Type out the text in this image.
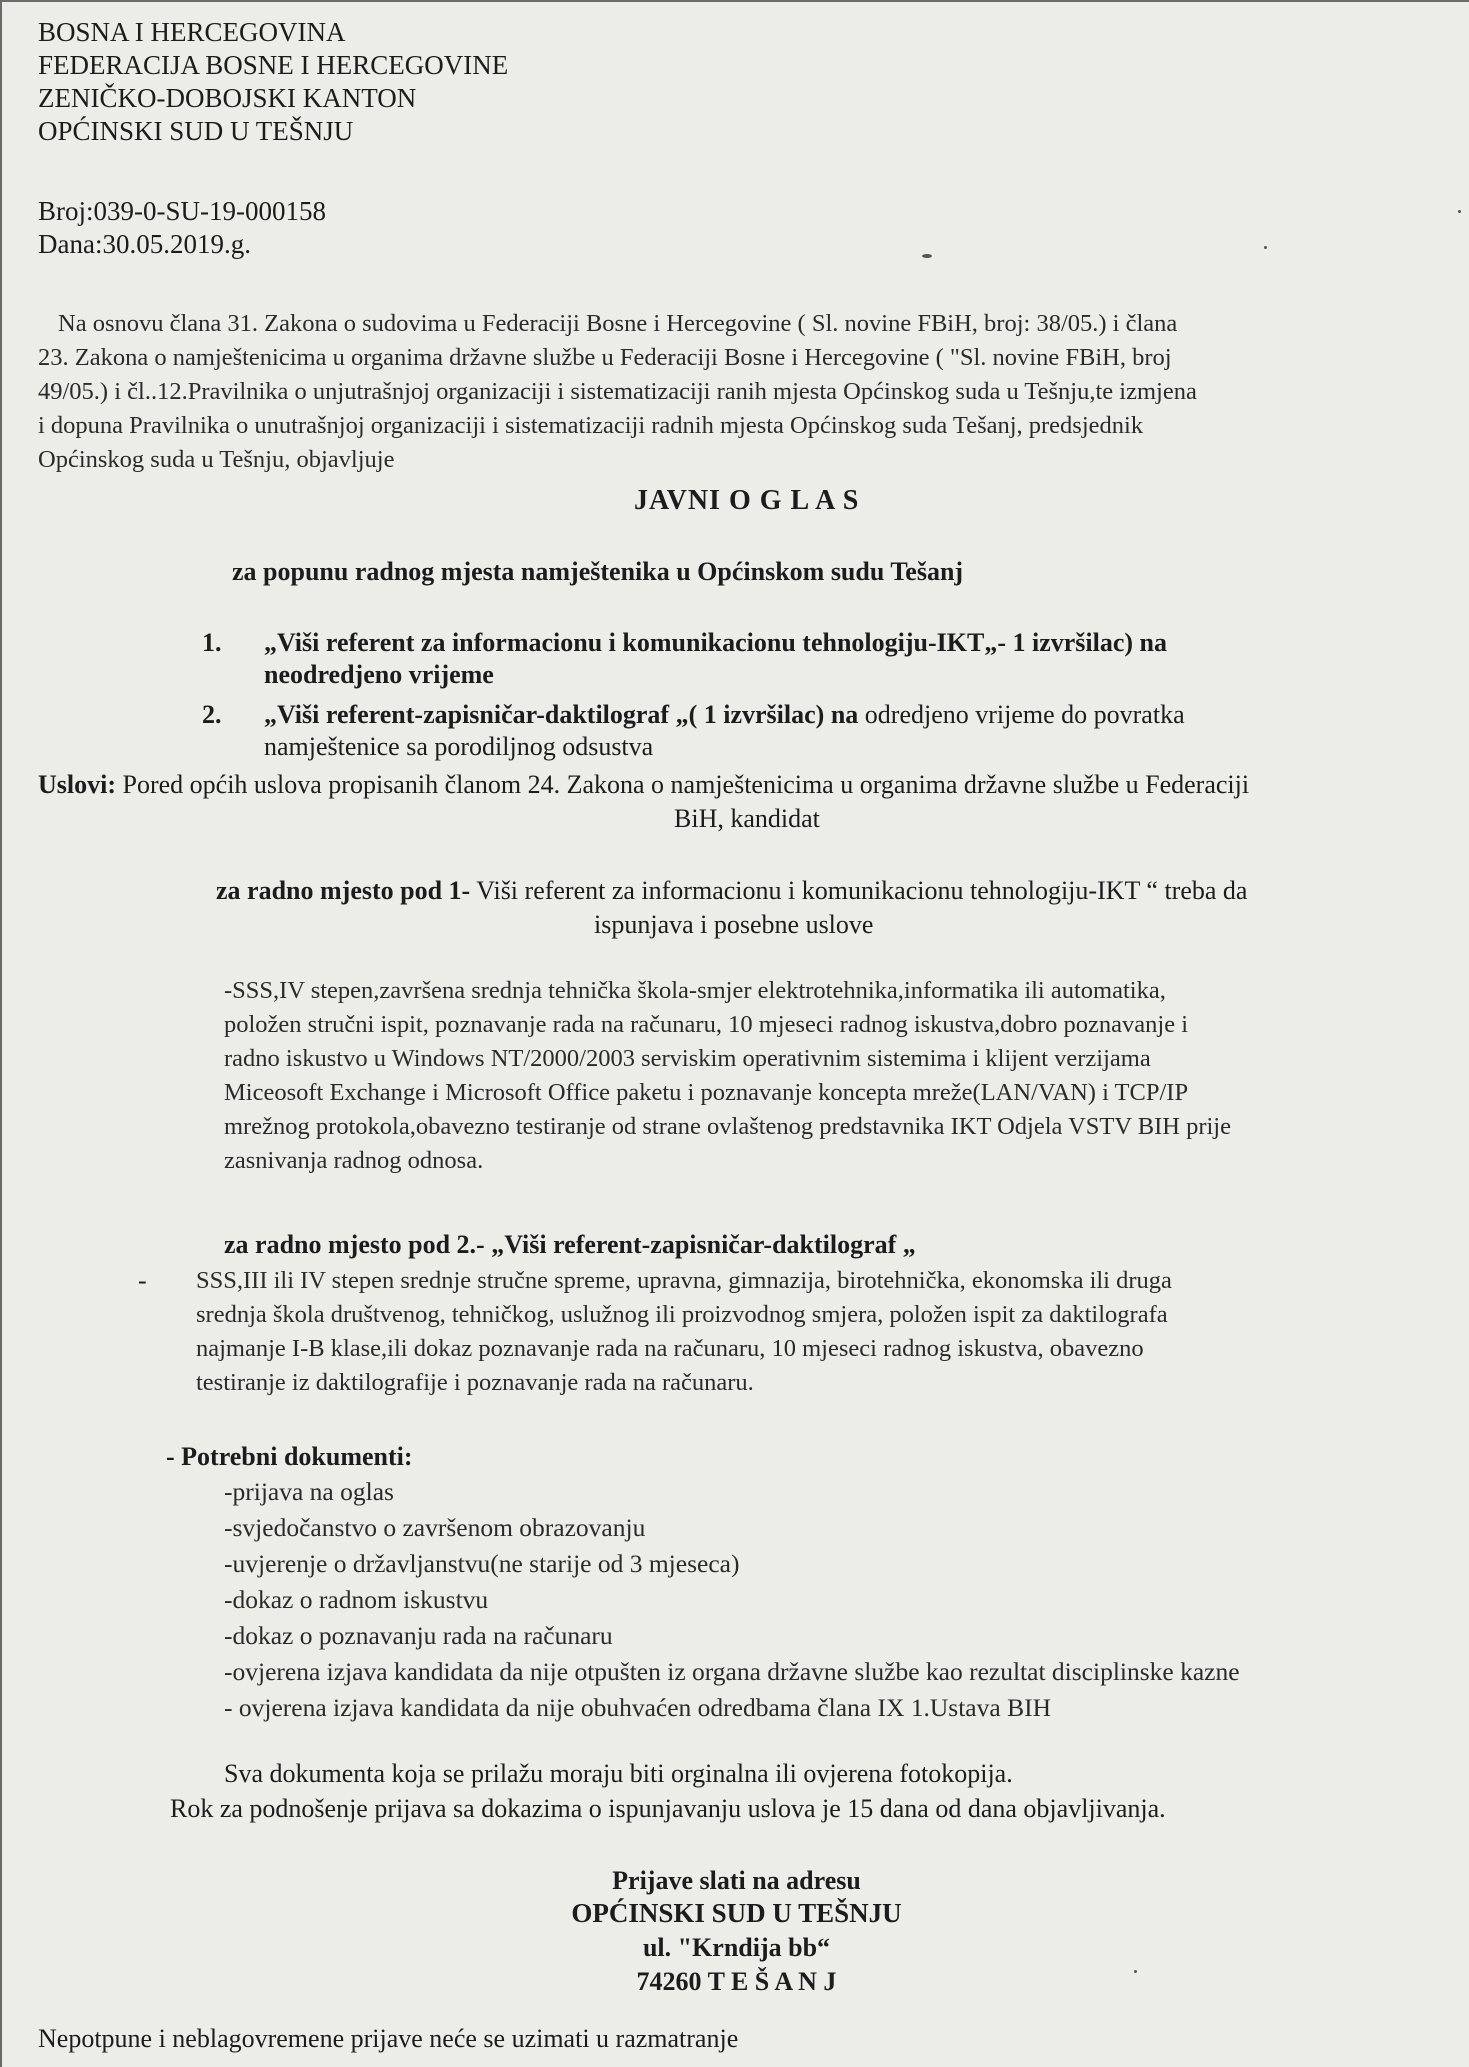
BOSNA I HERCEGOVINA
FEDERACIJA BOSNE I HERCEGOVINE
ZENIČKO-DOBOJSKI KANTON
OPĆINSKI SUD U TEŠNJU
Broj:039-0-SU-19-000158
Dana:30.05.2019.g.
Na osnovu člana 31. Zakona o sudovima u Federaciji Bosne i Hercegovine ( Sl. novine FBiH, broj: 38/05.) i člana
23. Zakona o namještenicima u organima državne službe u Federaciji Bosne i Hercegovine ( "Sl. novine FBiH, broj
49/05.) i čl..12.Pravilnika o unjutrašnjoj organizaciji i sistematizaciji ranih mjesta Općinskog suda u Tešnju,te izmjena
i dopuna Pravilnika o unutrašnjoj organizaciji i sistematizaciji radnih mjesta Općinskog suda Tešanj, predsjednik
Općinskog suda u Tešnju, objavljuje
JAVNI O G L A S
za popunu radnog mjesta namještenika u Općinskom sudu Tešanj
1. „Viši referent za informacionu i komunikacionu tehnologiju-IKT„- 1 izvršilac) na
neodredjeno vrijeme
2. „Viši referent-zapisničar-daktilograf „( 1 izvršilac) na odredjeno vrijeme do povratka
namještenice sa porodiljnog odsustva
Uslovi: Pored općih uslova propisanih članom 24. Zakona o namještenicima u organima državne službe u Federaciji
BiH, kandidat
za radno mjesto pod 1- Viši referent za informacionu i komunikacionu tehnologiju-IKT “ treba da
ispunjava i posebne uslove
-SSS,IV stepen,završena srednja tehnička škola-smjer elektrotehnika,informatika ili automatika,
položen stručni ispit, poznavanje rada na računaru, 10 mjeseci radnog iskustva,dobro poznavanje i
radno iskustvo u Windows NT/2000/2003 serviskim operativnim sistemima i klijent verzijama
Miceosoft Exchange i Microsoft Office paketu i poznavanje koncepta mreže(LAN/VAN) i TCP/IP
mrežnog protokola,obavezno testiranje od strane ovlaštenog predstavnika IKT Odjela VSTV BIH prije
zasnivanja radnog odnosa.
za radno mjesto pod 2.- „Viši referent-zapisničar-daktilograf „
- SSS,III ili IV stepen srednje stručne spreme, upravna, gimnazija, birotehnička, ekonomska ili druga
srednja škola društvenog, tehničkog, uslužnog ili proizvodnog smjera, položen ispit za daktilografa
najmanje I-B klase,ili dokaz poznavanje rada na računaru, 10 mjeseci radnog iskustva, obavezno
testiranje iz daktilografije i poznavanje rada na računaru.
- Potrebni dokumenti:
-prijava na oglas
-svjedočanstvo o završenom obrazovanju
-uvjerenje o državljanstvu(ne starije od 3 mjeseca)
-dokaz o radnom iskustvu
-dokaz o poznavanju rada na računaru
-ovjerena izjava kandidata da nije otpušten iz organa državne službe kao rezultat disciplinske kazne
- ovjerena izjava kandidata da nije obuhvaćen odredbama člana IX 1.Ustava BIH
Sva dokumenta koja se prilažu moraju biti orginalna ili ovjerena fotokopija.
Rok za podnošenje prijava sa dokazima o ispunjavanju uslova je 15 dana od dana objavljivanja.
Prijave slati na adresu
OPĆINSKI SUD U TEŠNJU
ul. "Krndija bb“
74260 T E Š A N J
Nepotpune i neblagovremene prijave neće se uzimati u razmatranje
